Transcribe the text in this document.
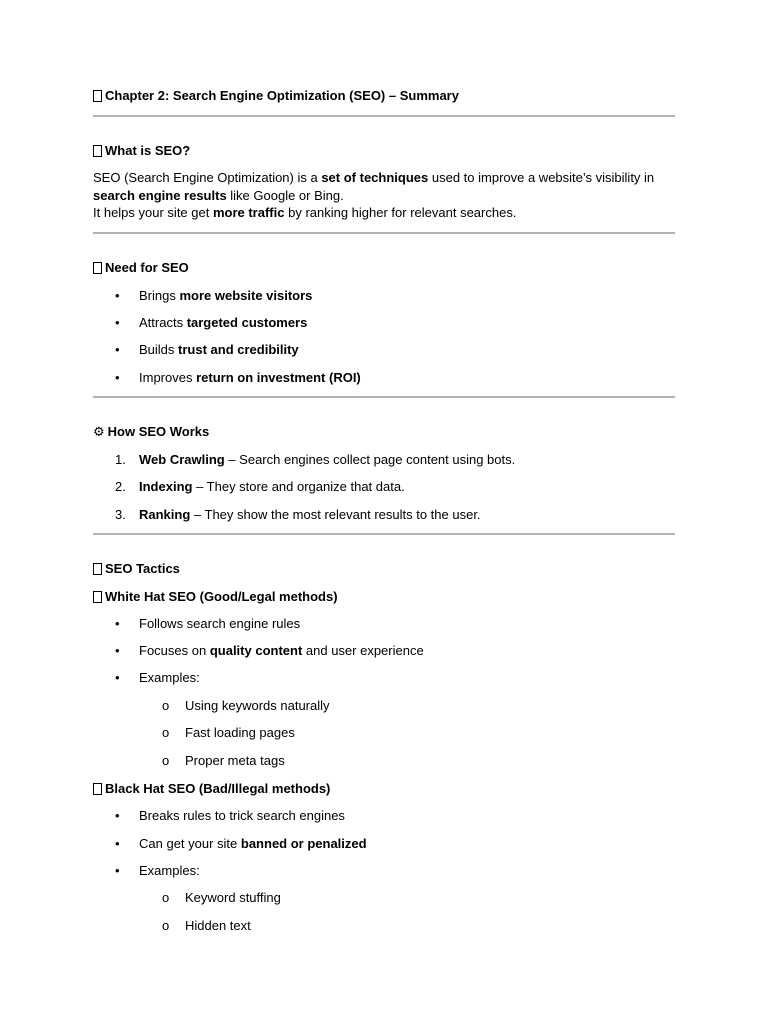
Chapter 2: Search Engine Optimization (SEO) – Summary
What is SEO?
SEO (Search Engine Optimization) is a set of techniques used to improve a website’s visibility in
search engine results like Google or Bing.
It helps your site get more traffic by ranking higher for relevant searches.
Need for SEO
• Brings more website visitors
• Attracts targeted customers
• Builds trust and credibility
• Improves return on investment (ROI)
⚙ How SEO Works
1.	Web Crawling – Search engines collect page content using bots.
2.	Indexing – They store and organize that data.
3.	Ranking – They show the most relevant results to the user.
SEO Tactics
White Hat SEO (Good/Legal methods)
• Follows search engine rules
• Focuses on quality content and user experience
• Examples:
o Using keywords naturally
o Fast loading pages
o Proper meta tags
Black Hat SEO (Bad/Illegal methods)
• Breaks rules to trick search engines
• Can get your site banned or penalized
• Examples:
o Keyword stuffing
o Hidden text
